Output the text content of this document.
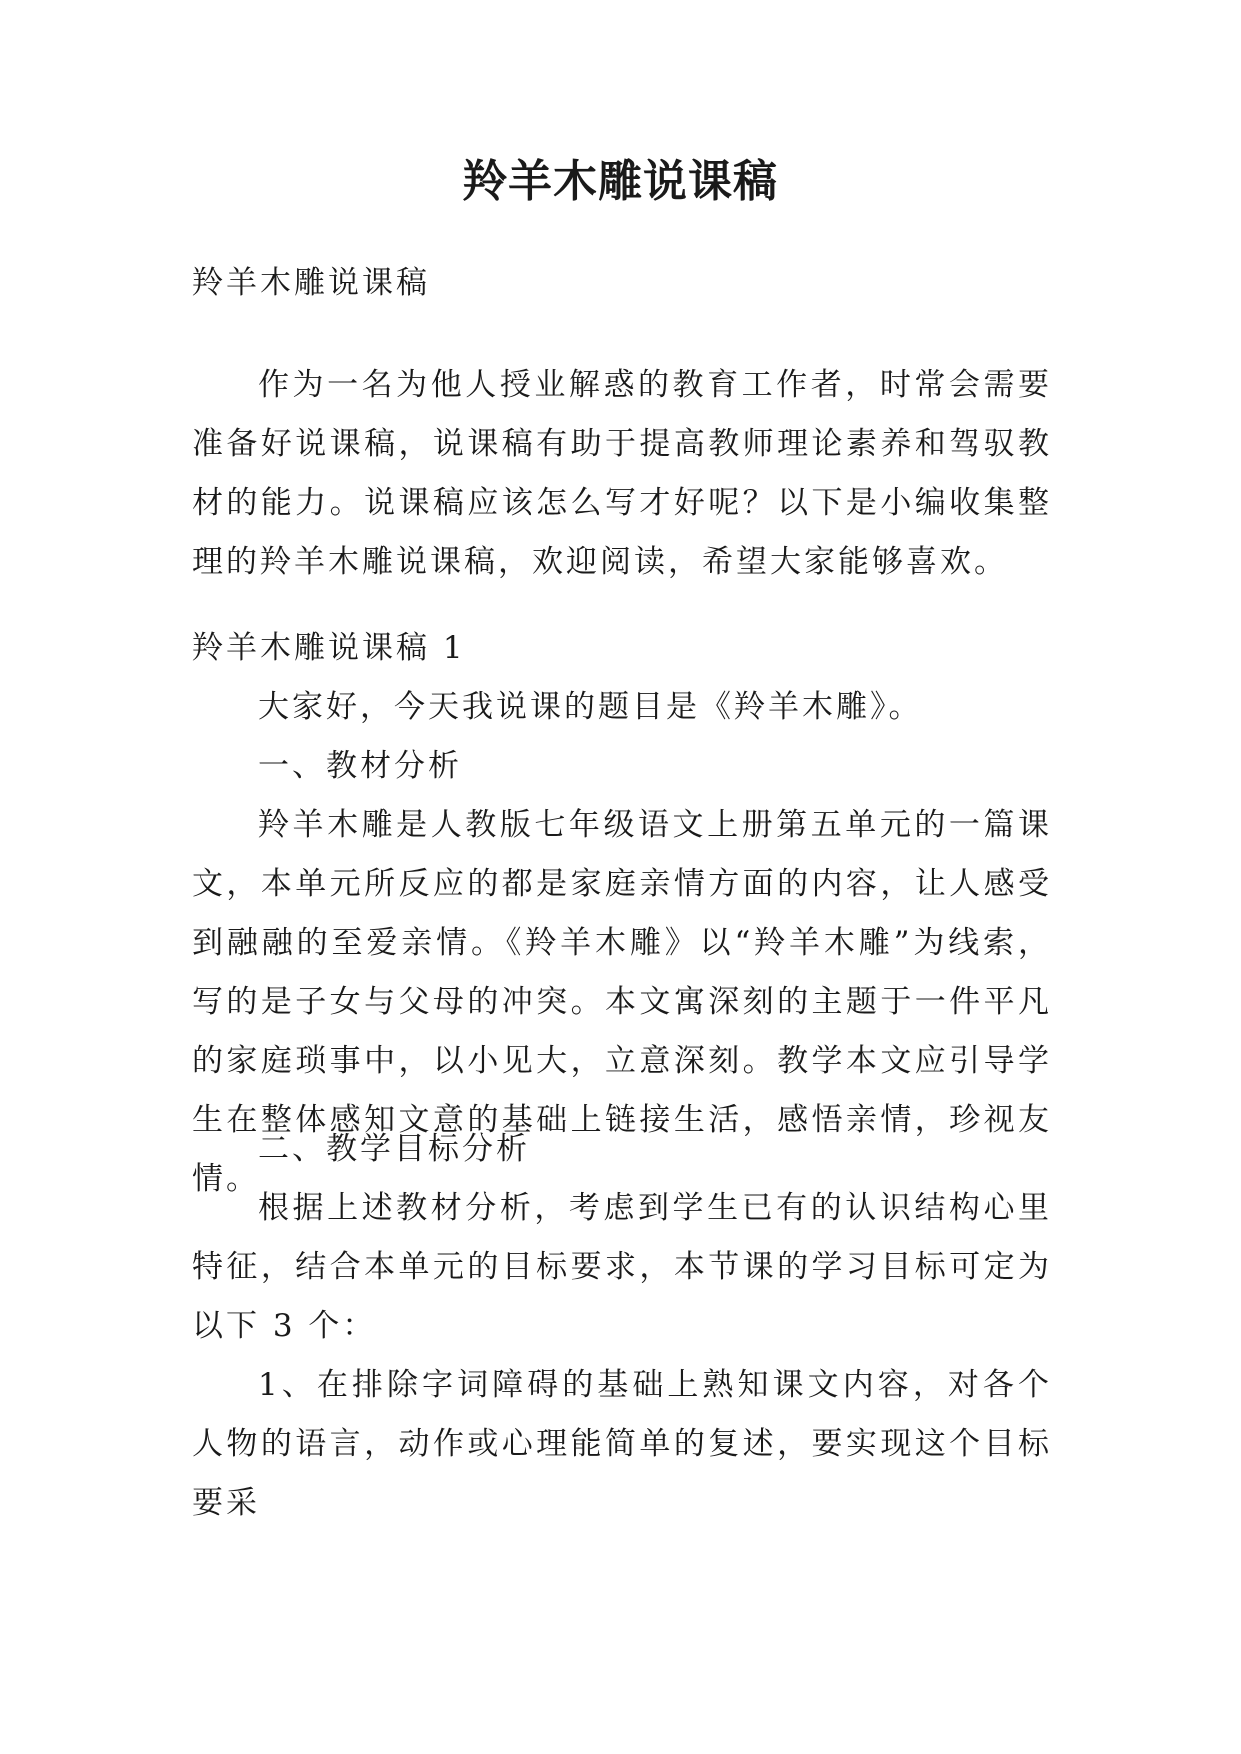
羚羊木雕说课稿

羚羊木雕说课稿

作为一名为他人授业解惑的教育工作者，时常会需要准备好说课稿，说课稿有助于提高教师理论素养和驾驭教材的能力。说课稿应该怎么写才好呢？以下是小编收集整理的羚羊木雕说课稿，欢迎阅读，希望大家能够喜欢。

羚羊木雕说课稿 1

大家好，今天我说课的题目是《羚羊木雕》。

一、教材分析

羚羊木雕是人教版七年级语文上册第五单元的一篇课文，本单元所反应的都是家庭亲情方面的内容，让人感受到融融的至爱亲情。《羚羊木雕》以“羚羊木雕”为线索，写的是子女与父母的冲突。本文寓深刻的主题于一件平凡的家庭琐事中，以小见大，立意深刻。教学本文应引导学生在整体感知文意的基础上链接生活，感悟亲情，珍视友情。

二、教学目标分析

根据上述教材分析，考虑到学生已有的认识结构心里特征，结合本单元的目标要求，本节课的学习目标可定为以下 3 个：

1、在排除字词障碍的基础上熟知课文内容，对各个人物的语言，动作或心理能简单的复述，要实现这个目标要采
